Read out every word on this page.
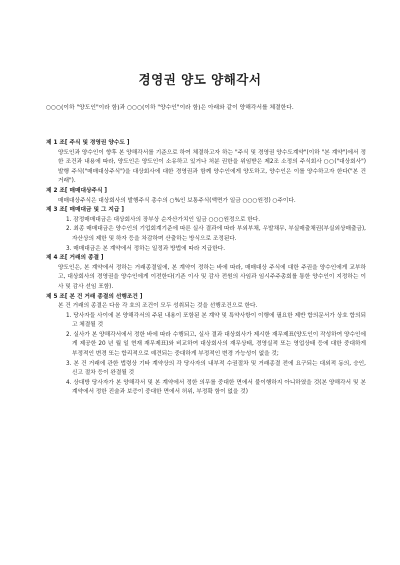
경영권 양도 양해각서
○○○(이하 "양도인"이라 함)과 ○○○(이하 "양수인"이라 함)은 아래와 같이 양해각서를 체결한다.

제 1 조[ 주식 및 경영권 양수도 ]

양도인과 양수인이 향후 본 양해각서를 기준으로 하여 체결하고자 하는 "주식 및 경영권 양수도계약"(이하 "본 계약")에서 정한 조건과 내용에 따라, 양도인은 양도인이 소유하고 있거나 처분 권한을 위임받은 제2조 소정의 주식회사 ○○("대상회사") 발행 주식("매매대상주식")을 대상회사에 대한 경영권과 함께 양수인에게 양도하고, 양수인은 이를 양수하고자 한다("본 건 거래").

제 2 조[ 매매대상주식 ]

매매대상주식은 대상회사의 발행주식 총수의 ○%인 보통주식(액면가 일금 ○○○원정) ○주이다.

제 3 조[ 매매대금 및 그 지급 ]

1. 잠정매매대금은 대상회사의 장부상 순자산가치인 일금 ○○○원정으로 한다.
2. 최종 매매대금은 양수인의 기업회계기준에 따른 실사 결과에 따라 부외부채, 우발채무, 부실매출채권(부실외상매출금), 자산상의 제한 및 하자 등을 차감하며 산출하는 방식으로 조정된다.
3. 매매대금은 본 계약에서 정하는 일정과 방법에 따라 지급한다.

제 4 조[ 거래의 종결 ]

양도인은, 본 계약에서 정하는 거래종결일에, 본 계약이 정하는 바에 따라, 매매대상 주식에 대한 주권을 양수인에게 교부하고, 대상회사의 경영권을 양수인에게 이전한다(기존 이사 및 감사 전원의 사임과 임시주주총회를 통한 양수인이 지정하는 이사 및 감사 선임 포함).

제 5 조[ 본 건 거래 종결의 선행조건 ]

본 건 거래의 종결은 다음 각 호의 조건이 모두 성취되는 것을 선행조건으로 한다.

1. 당사자들 사이에 본 양해각서의 주된 내용이 포함된 본 계약 및 특약사항이 이행에 필요한 제반 합의문서가 상호 합의되고 체결될 것
2. 실사가 본 양해각서에서 정한 바에 따라 수행되고, 실사 결과 대상회사가 제시한 재무제표(양도인이 작성하여 양수인에게 제공한 20 년 월 일 현재 재무제표)와 비교하여 대상회사의 재무상태, 경영실적 또는 영업상태 등에 대한 중대하게 부정적인 변경 또는 합리적으로 예견되는 중대하게 부정적인 변경 가능성이 없을 것;
3. 본 건 거래에 관한 법령상 기타 계약상의 각 당사자의 내부적 수권절차 및 거래종결 전에 요구되는 대외적 동의, 승인, 신고 절차 등이 완결될 것
4. 상대방 당사자가 본 양해각서 및 본 계약에서 정한 의무를 중대한 면에서 불이행하지 아니하였을 것(본 양해각서 및 본 계약에서 정한 진술과 보증이 중대한 면에서 허위, 부정확 함이 없을 것)
